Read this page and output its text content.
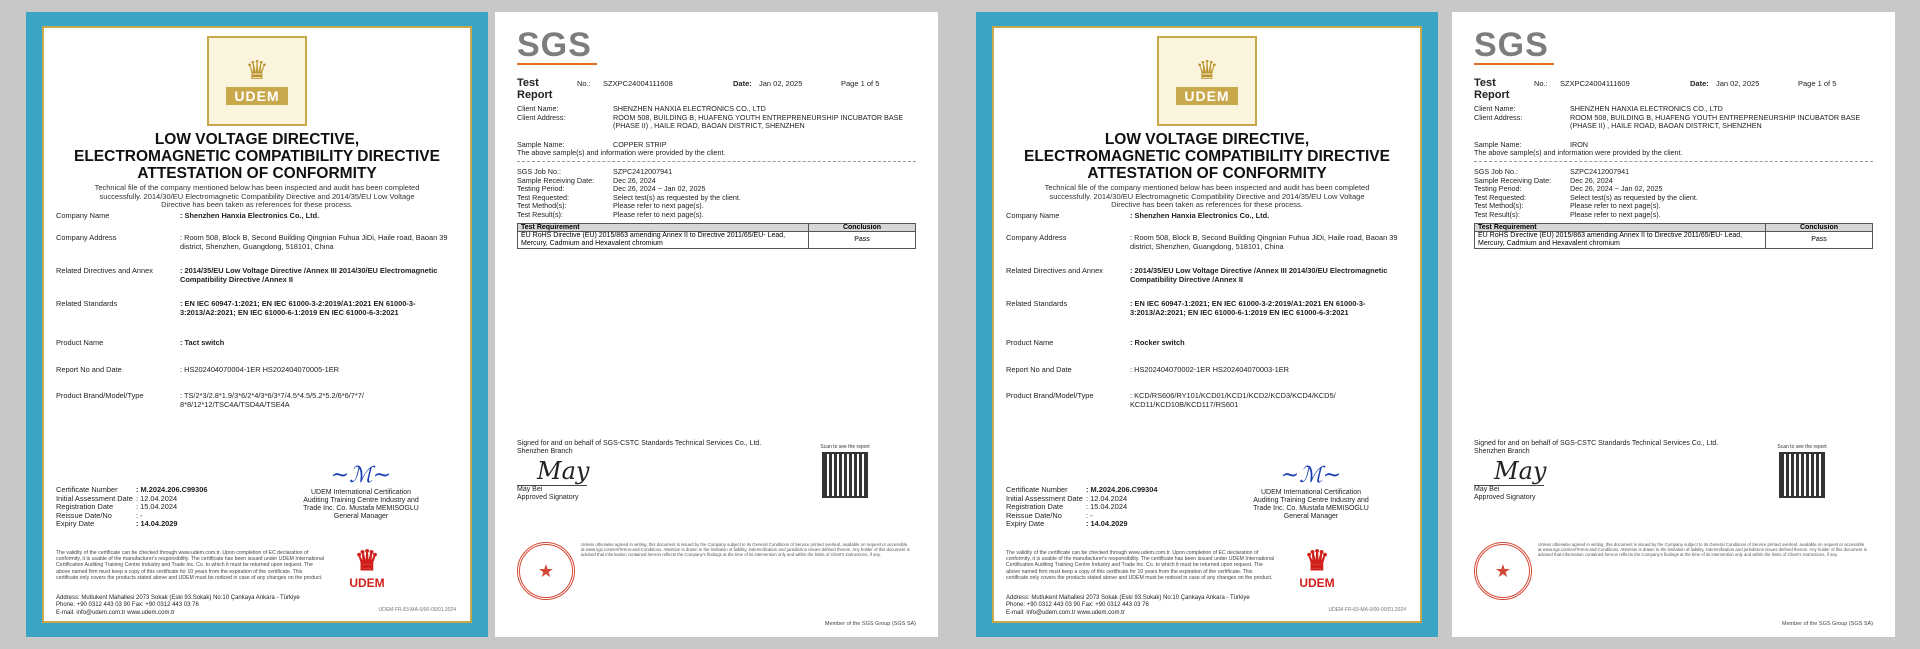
♛
UDEM
LOW VOLTAGE DIRECTIVE,
ELECTROMAGNETIC COMPATIBILITY DIRECTIVE
ATTESTATION OF CONFORMITY
Technical file of the company mentioned below has been inspected and audit has been completed successfully. 2014/30/EU Electromagnetic Compatibility Directive and 2014/35/EU Low Voltage Directive has been taken as references for these process.
Company Name	: Shenzhen Hanxia Electronics Co., Ltd.
Company Address	: Room 508, Block B, Second Building Qingnian Fuhua JiDi, Haile road, Baoan 39 district, Shenzhen, Guangdong, 518101, China
Related Directives and Annex	: 2014/35/EU Low Voltage Directive /Annex III 2014/30/EU Electromagnetic Compatibility Directive /Annex II
Related Standards	: EN IEC 60947-1:2021; EN IEC 61000-3-2:2019/A1:2021 EN 61000-3-3:2013/A2:2021; EN IEC 61000-6-1:2019 EN IEC 61000-6-3:2021
Product Name	: Tact switch
Report No and Date	: HS202404070004-1ER HS202404070005-1ER
Product Brand/Model/Type	: TS/2*3/2.8*1.9/3*6/2*4/3*6/3*7/4.5*4.5/5.2*5.2/6*6/7*7/ 8*8/12*12/TSC4A/TSD4A/TSE4A
Certificate Number	: M.2024.206.C99306
Initial Assessment Date : 12.04.2024
Registration Date	: 15.04.2024
Reissue Date/No	: -
Expiry Date	: 14.04.2029
~ℳ~
UDEM International Certification Auditing Training Centre Industry and Trade Inc. Co. Mustafa MEMISOGLU General Manager
The validity of the certificate can be checked through www.udem.com.tr. Upon completion of EC declaration of conformity, it is usable of the manufacturer's responsibility. The certificate has been issued under UDEM International Certification Auditing Training Centre Industry and Trade Inc. Co. to which it must be returned upon request. The above named firm must keep a copy of this certificate for 10 years from the expiration of the certificate. This certificate only covers the products stated above and UDEM must be noticed in case of any changes on the product.
♛
UDEM
Address: Mutlukent Mahallesi 2073 Sokak (Eski 93.Sokak) No:10 Çankaya Ankara - Türkiye
Phone: +90 0312 443 03 90 Fax: +90 0312 443 03 76
E-mail: info@udem.com.tr www.udem.com.tr	UDEM-FR-83-MA-0/00-00/01.2024
SGS
Test Report
No.:	SZXPC24004111608	Date: Jan 02, 2025	Page 1 of 5
Client Name:	SHENZHEN HANXIA ELECTRONICS CO., LTD
Client Address:	ROOM 508, BUILDING B, HUAFENG YOUTH ENTREPRENEURSHIP INCUBATOR BASE (PHASE II) , HAILE ROAD, BAOAN DISTRICT, SHENZHEN
Sample Name:	COPPER STRIP
The above sample(s) and information were provided by the client.
SGS Job No.:	SZPC2412007941
Sample Receiving Date:	Dec 26, 2024
Testing Period:	Dec 26, 2024 ~ Jan 02, 2025
Test Requested:	Select test(s) as requested by the client.
Test Method(s):	Please refer to next page(s).
Test Result(s):	Please refer to next page(s).
Test Requirement	Conclusion
EU RoHS Directive (EU) 2015/863 amending Annex II to Directive 2011/65/EU- Lead, Mercury, Cadmium and Hexavalent chromium	Pass
Signed for and on behalf of SGS-CSTC Standards Technical Services Co., Ltd. Shenzhen Branch
May
May Bei
Approved Signatory
Scan to see the report
★
Unless otherwise agreed in writing, this document is issued by the Company subject to its General Conditions of Service printed overleaf, available on request or accessible at www.sgs.com/en/Terms-and-Conditions. Attention is drawn to the limitation of liability, indemnification and jurisdiction issues defined therein. Any holder of this document is advised that information contained hereon reflects the Company's findings at the time of its intervention only and within the limits of Client's instructions, if any.
Member of the SGS Group (SGS SA)
♛
UDEM
LOW VOLTAGE DIRECTIVE,
ELECTROMAGNETIC COMPATIBILITY DIRECTIVE
ATTESTATION OF CONFORMITY
Technical file of the company mentioned below has been inspected and audit has been completed successfully. 2014/30/EU Electromagnetic Compatibility Directive and 2014/35/EU Low Voltage Directive has been taken as references for these process.
Company Name	: Shenzhen Hanxia Electronics Co., Ltd.
Company Address	: Room 508, Block B, Second Building Qingnian Fuhua JiDi, Haile road, Baoan 39 district, Shenzhen, Guangdong, 518101, China
Related Directives and Annex	: 2014/35/EU Low Voltage Directive /Annex III 2014/30/EU Electromagnetic Compatibility Directive /Annex II
Related Standards	: EN IEC 60947-1:2021; EN IEC 61000-3-2:2019/A1:2021 EN 61000-3-3:2013/A2:2021; EN IEC 61000-6-1:2019 EN IEC 61000-6-3:2021
Product Name	: Rocker switch
Report No and Date	: HS202404070002-1ER HS202404070003-1ER
Product Brand/Model/Type	: KCD/RS606/RY101/KCD01/KCD1/KCD2/KCD3/KCD4/KCD5/ KCD11/KCD10B/KCD117/RS601
Certificate Number	: M.2024.206.C99304
Initial Assessment Date : 12.04.2024
Registration Date	: 15.04.2024
Reissue Date/No	: -
Expiry Date	: 14.04.2029
~ℳ~
UDEM International Certification Auditing Training Centre Industry and Trade Inc. Co. Mustafa MEMISOGLU General Manager
The validity of the certificate can be checked through www.udem.com.tr. Upon completion of EC declaration of conformity, it is usable of the manufacturer's responsibility. The certificate has been issued under UDEM International Certification Auditing Training Centre Industry and Trade Inc. Co. to which it must be returned upon request. The above named firm must keep a copy of this certificate for 10 years from the expiration of the certificate. This certificate only covers the products stated above and UDEM must be noticed in case of any changes on the product.
♛
UDEM
Address: Mutlukent Mahallesi 2073 Sokak (Eski 93.Sokak) No:10 Çankaya Ankara - Türkiye
Phone: +90 0312 443 03 90 Fax: +90 0312 443 03 76
E-mail: info@udem.com.tr www.udem.com.tr	UDEM-FR-83-MA-0/00-00/01.2024
SGS
Test Report
No.:	SZXPC24004111609	Date: Jan 02, 2025	Page 1 of 5
Client Name:	SHENZHEN HANXIA ELECTRONICS CO., LTD
Client Address:	ROOM 508, BUILDING B, HUAFENG YOUTH ENTREPRENEURSHIP INCUBATOR BASE (PHASE II) , HAILE ROAD, BAOAN DISTRICT, SHENZHEN
Sample Name:	IRON
The above sample(s) and information were provided by the client.
SGS Job No.:	SZPC2412007941
Sample Receiving Date:	Dec 26, 2024
Testing Period:	Dec 26, 2024 ~ Jan 02, 2025
Test Requested:	Select test(s) as requested by the client.
Test Method(s):	Please refer to next page(s).
Test Result(s):	Please refer to next page(s).
Test Requirement	Conclusion
EU RoHS Directive (EU) 2015/863 amending Annex II to Directive 2011/65/EU- Lead, Mercury, Cadmium and Hexavalent chromium	Pass
Signed for and on behalf of SGS-CSTC Standards Technical Services Co., Ltd. Shenzhen Branch
May
May Bei
Approved Signatory
Scan to see the report
★
Unless otherwise agreed in writing, this document is issued by the Company subject to its General Conditions of Service printed overleaf, available on request or accessible at www.sgs.com/en/Terms-and-Conditions. Attention is drawn to the limitation of liability, indemnification and jurisdiction issues defined therein. Any holder of this document is advised that information contained hereon reflects the Company's findings at the time of its intervention only and within the limits of Client's instructions, if any.
Member of the SGS Group (SGS SA)
